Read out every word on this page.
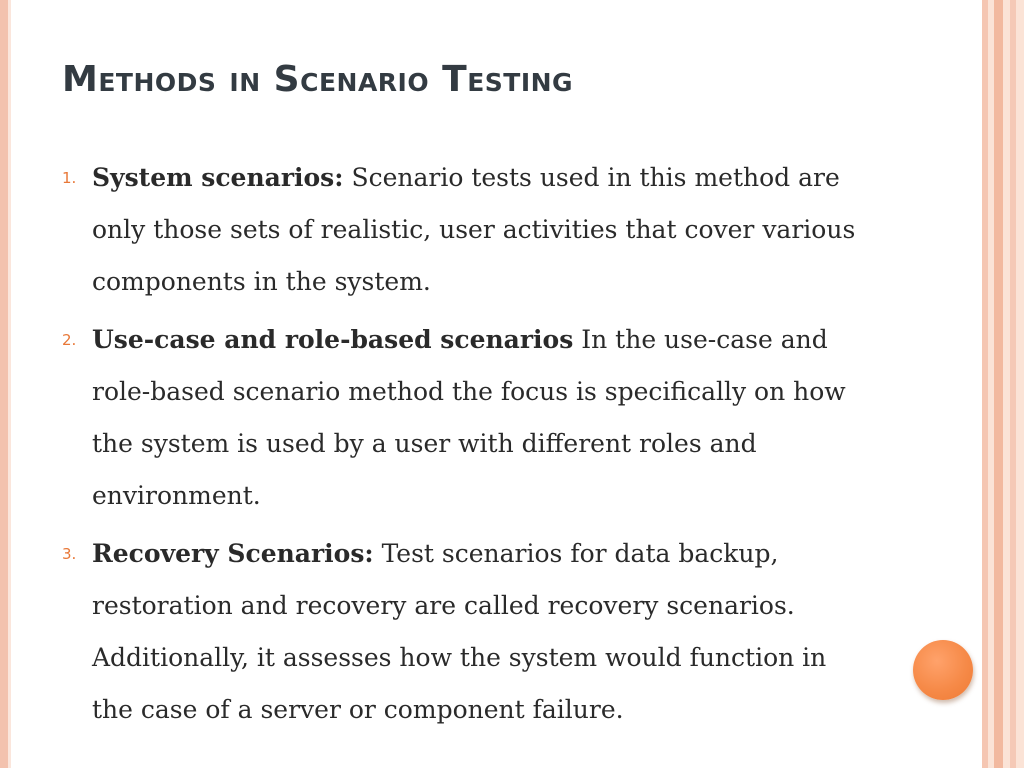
Methods in Scenario Testing
1. System scenarios: Scenario tests used in this method are only those sets of realistic, user activities that cover various components in the system.
2. Use-case and role-based scenarios In the use-case and role-based scenario method the focus is specifically on how the system is used by a user with different roles and environment.
3. Recovery Scenarios: Test scenarios for data backup, restoration and recovery are called recovery scenarios. Additionally, it assesses how the system would function in the case of a server or component failure.
